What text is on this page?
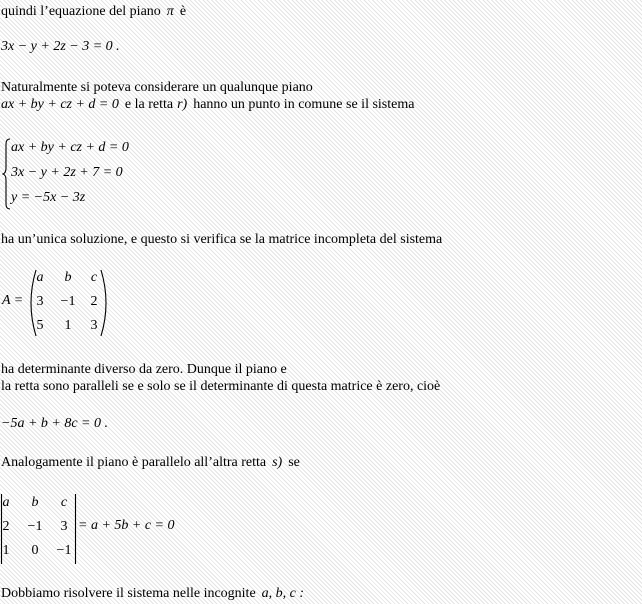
quindi l’equazione del piano π è
3x − y + 2z − 3 = 0 .
Naturalmente si poteva considerare un qualunque piano
ax + by + cz + d = 0 e la retta r) hanno un punto in comune se il sistema
ax + by + cz + d = 0
3x − y + 2z + 7 = 0
y = −5x − 3z
ha un’unica soluzione, e questo si verifica se la matrice incompleta del sistema
A =
a	b	c
3	−1	2
5	1	3
ha determinante diverso da zero. Dunque il piano e
la retta sono paralleli se e solo se il determinante di questa matrice è zero, cioè
−5a + b + 8c = 0 .
Analogamente il piano è parallelo all’altra retta s) se
a	b	c
2	−1	3
1	0	−1
= a + 5b + c = 0
Dobbiamo risolvere il sistema nelle incognite a, b, c :
